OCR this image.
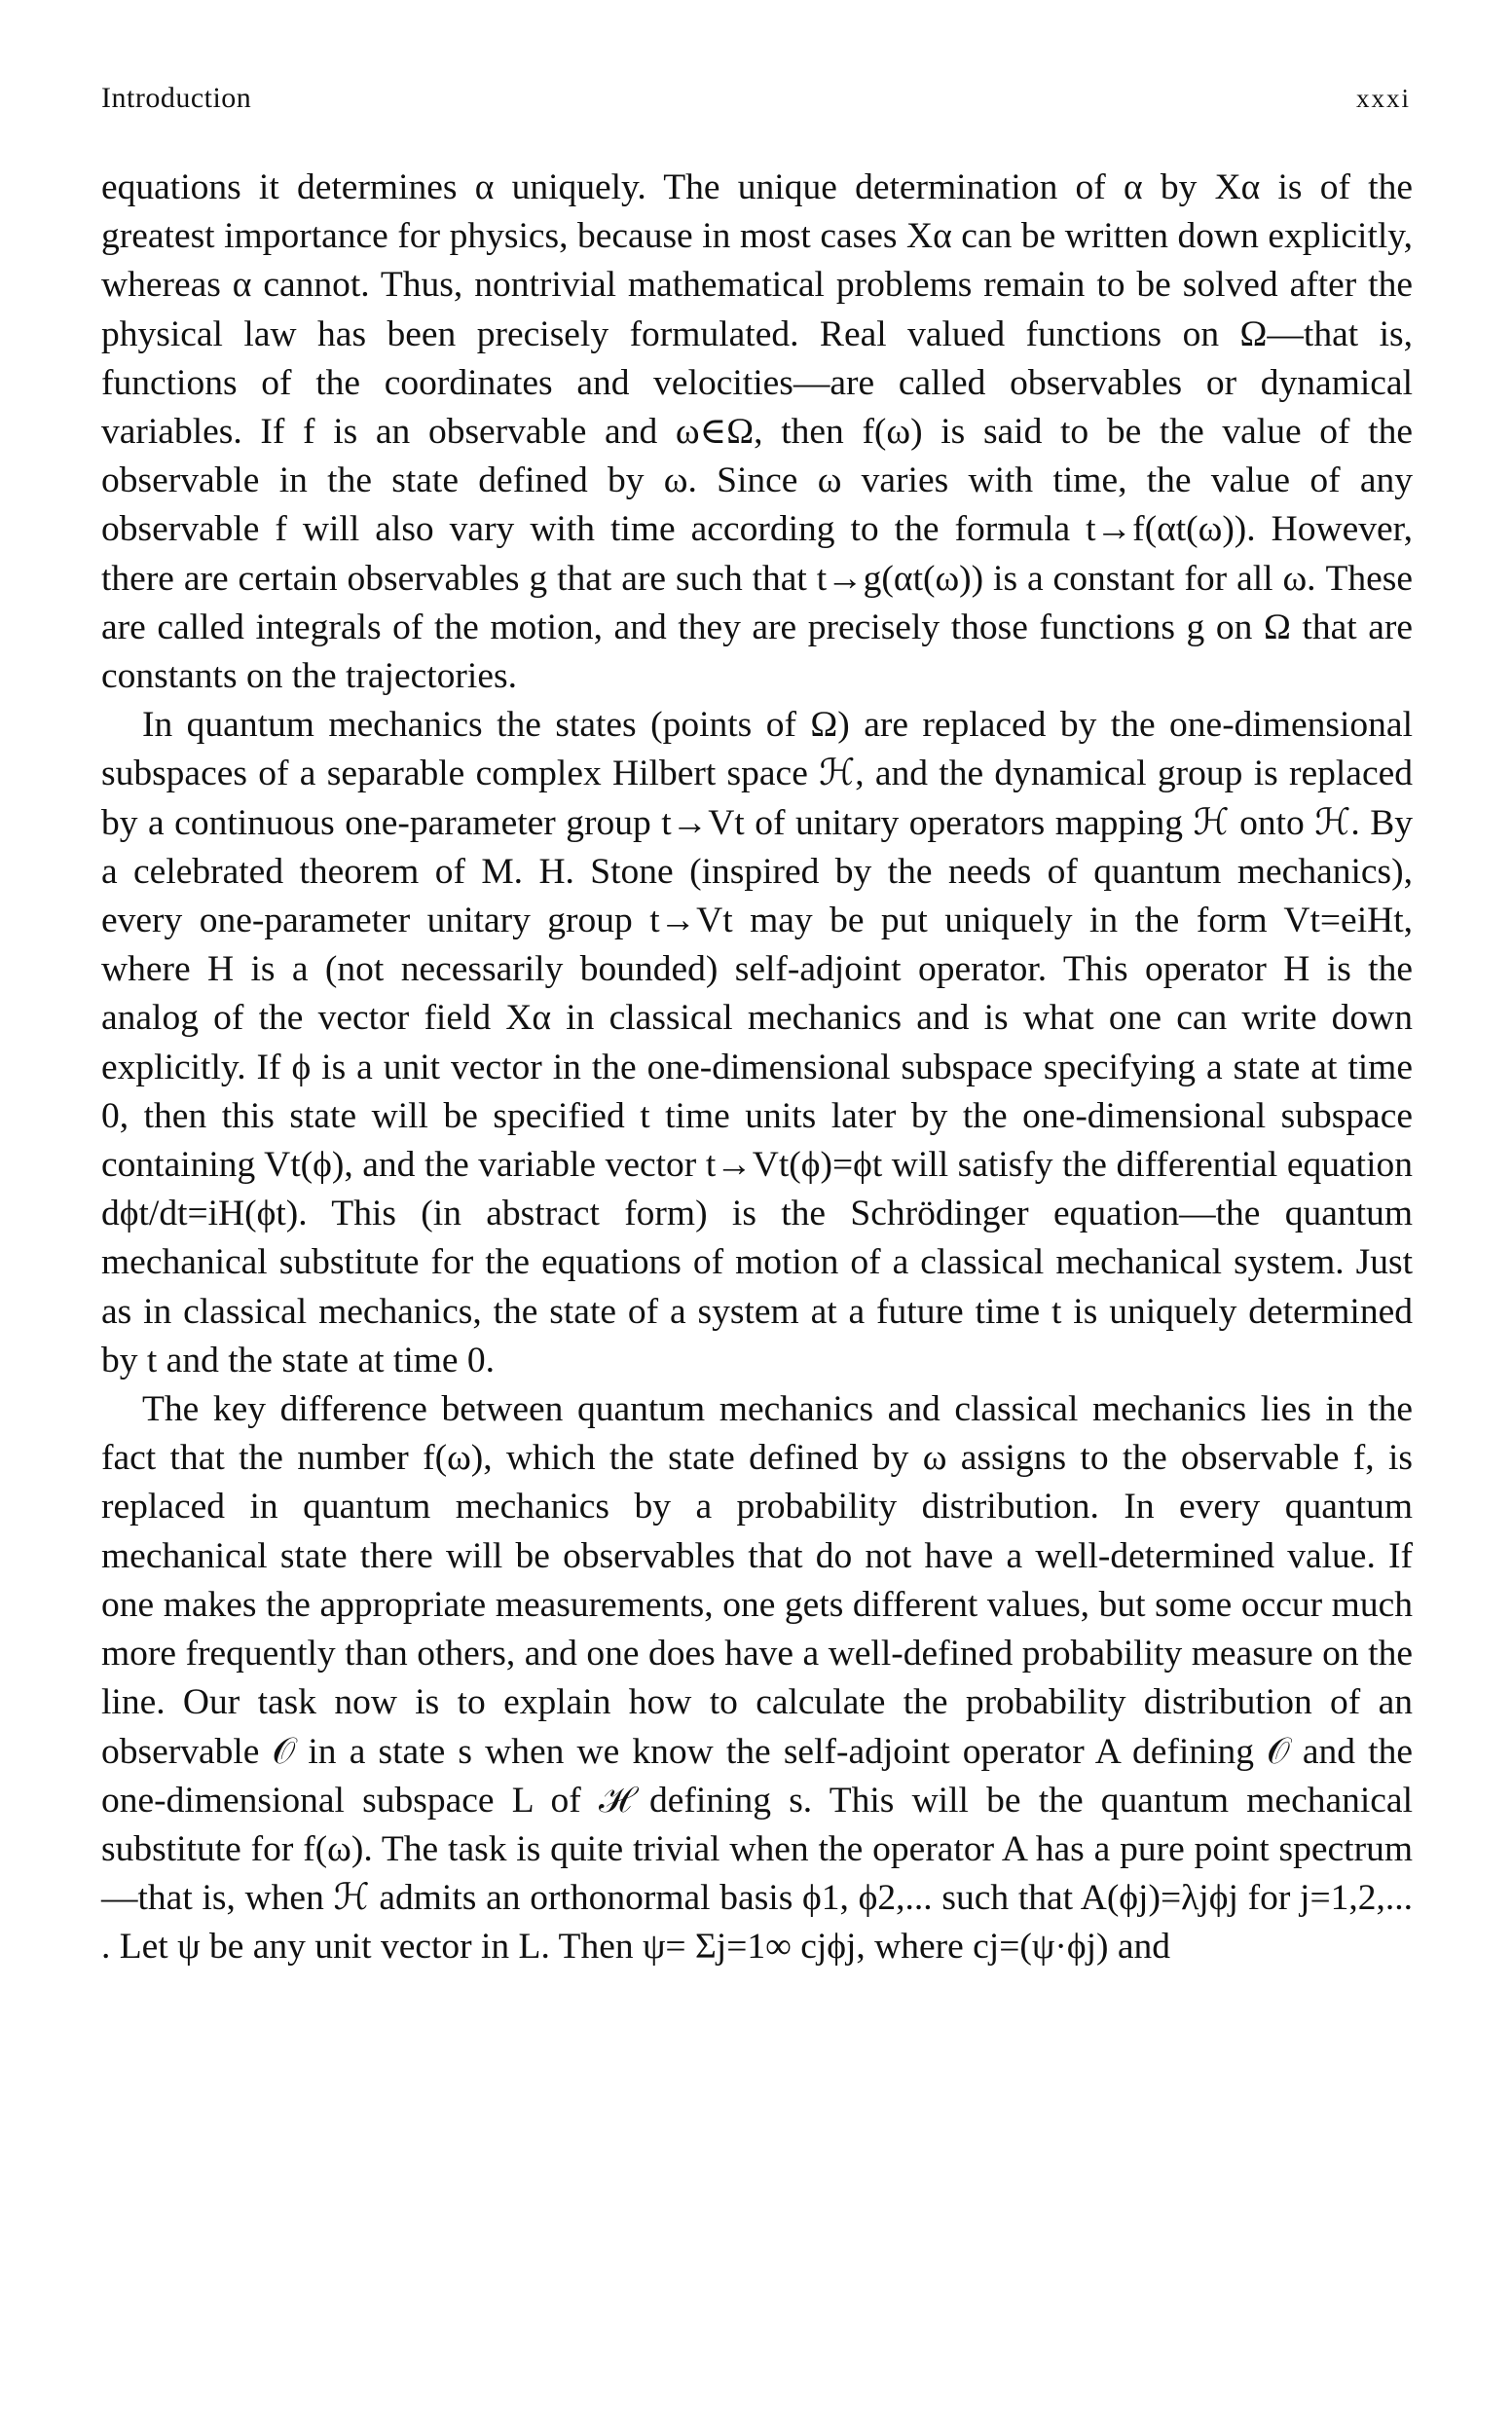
Introduction	xxxi

equations it determines α uniquely. The unique determination of α by Xα is of the greatest importance for physics, because in most cases Xα can be written down explicitly, whereas α cannot. Thus, nontrivial mathematical problems remain to be solved after the physical law has been precisely formulated. Real valued functions on Ω—that is, functions of the coordinates and velocities—are called observables or dynamical variables. If f is an observable and ω∈Ω, then f(ω) is said to be the value of the observable in the state defined by ω. Since ω varies with time, the value of any observable f will also vary with time according to the formula t→f(αt(ω)). However, there are certain observables g that are such that t→g(αt(ω)) is a constant for all ω. These are called integrals of the motion, and they are precisely those functions g on Ω that are constants on the trajectories.

In quantum mechanics the states (points of Ω) are replaced by the one-dimensional subspaces of a separable complex Hilbert space ℋ, and the dynamical group is replaced by a continuous one-parameter group t→Vt of unitary operators mapping ℋ onto ℋ. By a celebrated theorem of M. H. Stone (inspired by the needs of quantum mechanics), every one-parameter unitary group t→Vt may be put uniquely in the form Vt=eiHt, where H is a (not necessarily bounded) self-adjoint operator. This operator H is the analog of the vector field Xα in classical mechanics and is what one can write down explicitly. If ϕ is a unit vector in the one-dimensional subspace specifying a state at time 0, then this state will be specified t time units later by the one-dimensional subspace containing Vt(ϕ), and the variable vector t→Vt(ϕ)=ϕt will satisfy the differential equation dϕt/dt=iH(ϕt). This (in abstract form) is the Schrödinger equation—the quantum mechanical substitute for the equations of motion of a classical mechanical system. Just as in classical mechanics, the state of a system at a future time t is uniquely determined by t and the state at time 0.

The key difference between quantum mechanics and classical mechanics lies in the fact that the number f(ω), which the state defined by ω assigns to the observable f, is replaced in quantum mechanics by a probability distribution. In every quantum mechanical state there will be observables that do not have a well-determined value. If one makes the appropriate measurements, one gets different values, but some occur much more frequently than others, and one does have a well-defined probability measure on the line. Our task now is to explain how to calculate the probability distribution of an observable 𝒪 in a state s when we know the self-adjoint operator A defining 𝒪 and the one-dimensional subspace L of ℋ defining s. This will be the quantum mechanical substitute for f(ω). The task is quite trivial when the operator A has a pure point spectrum—that is, when ℋ admits an orthonormal basis ϕ1, ϕ2,... such that A(ϕj)=λjϕj for j=1,2,... . Let ψ be any unit vector in L. Then ψ= Σj=1∞ cjϕj, where cj=(ψ·ϕj) and
